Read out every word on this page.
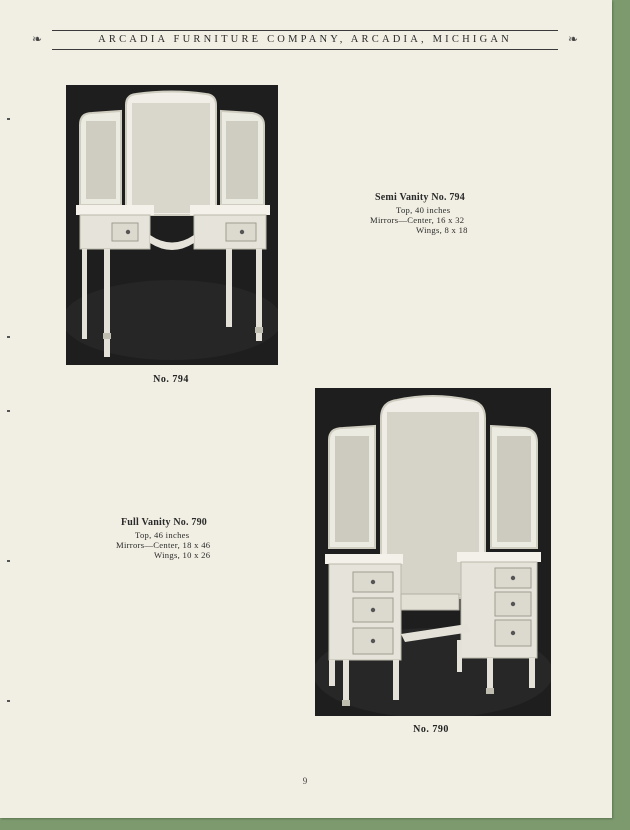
❧	ARCADIA FURNITURE COMPANY, ARCADIA, MICHIGAN	❧
No. 794
Semi Vanity No. 794
Top, 40 inches
Mirrors—Center, 16 x 32
Wings, 8 x 18
No. 790
Full Vanity No. 790
Top, 46 inches
Mirrors—Center, 18 x 46
Wings, 10 x 26
9
